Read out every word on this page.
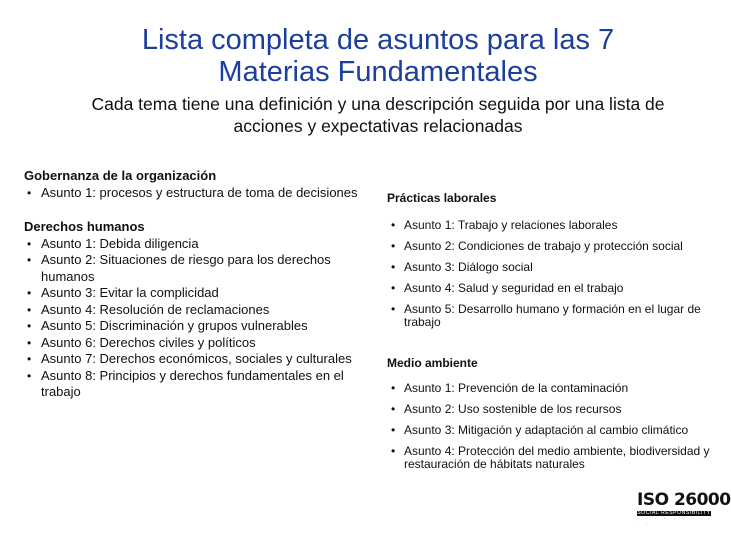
Lista completa de asuntos para las 7 Materias Fundamentales
Cada tema tiene una definición y una descripción seguida por una lista de acciones y expectativas relacionadas
Gobernanza de la organización
• Asunto 1: procesos y estructura de toma de decisiones
Derechos humanos
• Asunto 1: Debida diligencia
• Asunto 2: Situaciones de riesgo para los derechos humanos
• Asunto 3: Evitar la complicidad
• Asunto 4: Resolución de reclamaciones
• Asunto 5: Discriminación y grupos vulnerables
• Asunto 6: Derechos civiles y políticos
• Asunto 7: Derechos económicos, sociales y culturales
• Asunto 8: Principios y derechos fundamentales en el trabajo
Prácticas laborales
• Asunto 1: Trabajo y relaciones laborales
• Asunto 2: Condiciones de trabajo y protección social
• Asunto 3: Diálogo social
• Asunto 4: Salud y seguridad en el trabajo
• Asunto 5: Desarrollo humano y formación en el lugar de trabajo
Medio ambiente
• Asunto 1: Prevención de la contaminación
• Asunto 2: Uso sostenible de los recursos
• Asunto 3: Mitigación y adaptación al cambio climático
• Asunto 4: Protección del medio ambiente, biodiversidad y restauración de hábitats naturales
ISO 26000
SOCIAL RESPONSIBILITY
· · · · · · · · · ·
